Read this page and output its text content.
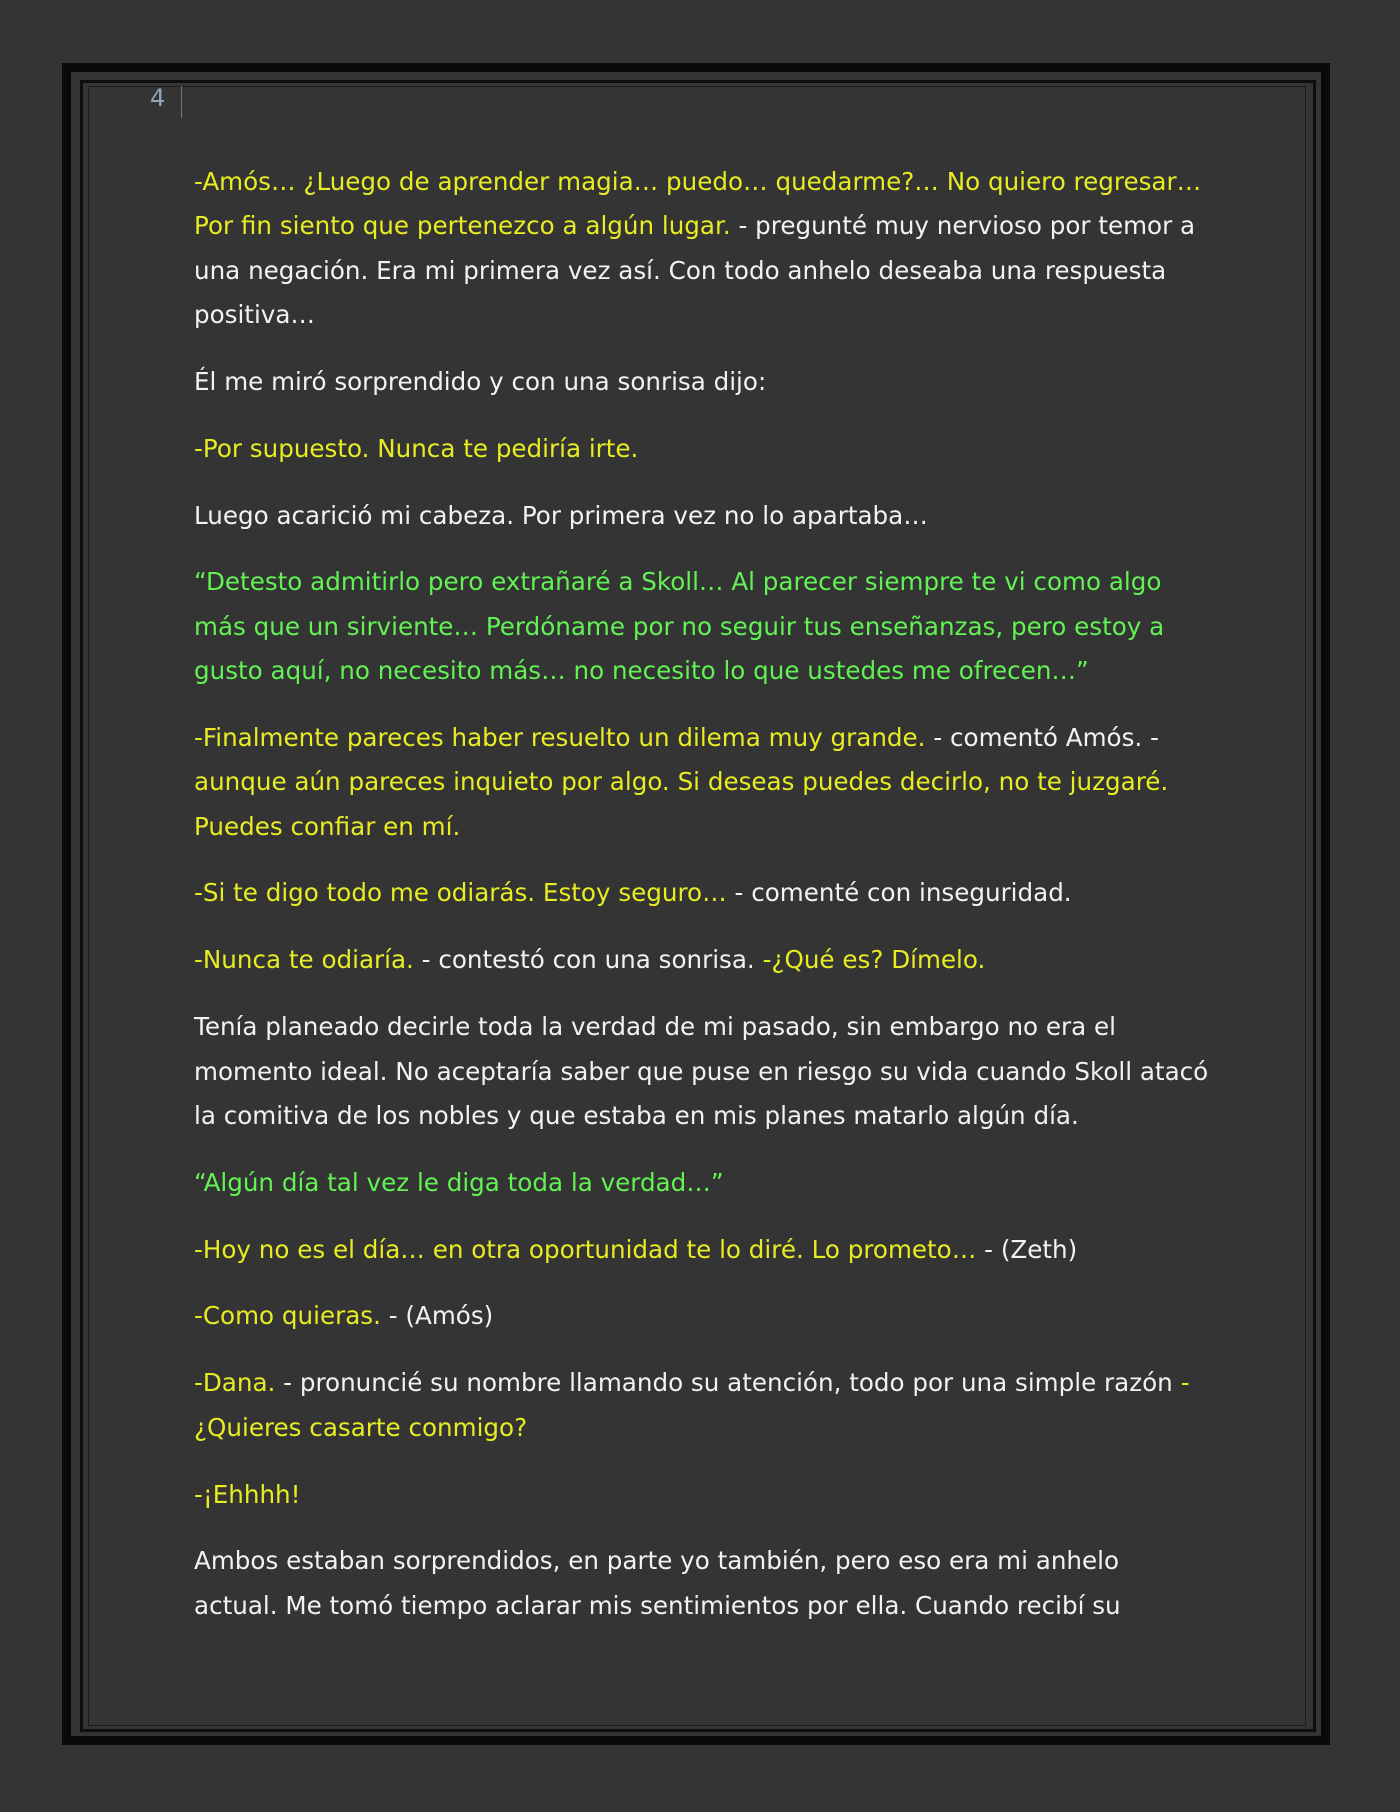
4

-Amós… ¿Luego de aprender magia… puedo… quedarme?… No quiero regresar… Por fin siento que pertenezco a algún lugar. - pregunté muy nervioso por temor a una negación. Era mi primera vez así. Con todo anhelo deseaba una respuesta positiva…

Él me miró sorprendido y con una sonrisa dijo:

-Por supuesto. Nunca te pediría irte.

Luego acarició mi cabeza. Por primera vez no lo apartaba…

“Detesto admitirlo pero extrañaré a Skoll… Al parecer siempre te vi como algo más que un sirviente… Perdóname por no seguir tus enseñanzas, pero estoy a gusto aquí, no necesito más… no necesito lo que ustedes me ofrecen…”

-Finalmente pareces haber resuelto un dilema muy grande. - comentó Amós. - aunque aún pareces inquieto por algo. Si deseas puedes decirlo, no te juzgaré. Puedes confiar en mí.

-Si te digo todo me odiarás. Estoy seguro… - comenté con inseguridad.

-Nunca te odiaría. - contestó con una sonrisa. -¿Qué es? Dímelo.

Tenía planeado decirle toda la verdad de mi pasado, sin embargo no era el momento ideal. No aceptaría saber que puse en riesgo su vida cuando Skoll atacó la comitiva de los nobles y que estaba en mis planes matarlo algún día.

“Algún día tal vez le diga toda la verdad…”

-Hoy no es el día… en otra oportunidad te lo diré. Lo prometo… - (Zeth)

-Como quieras. - (Amós)

-Dana. - pronuncié su nombre llamando su atención, todo por una simple razón - ¿Quieres casarte conmigo?

-¡Ehhhh!

Ambos estaban sorprendidos, en parte yo también, pero eso era mi anhelo actual. Me tomó tiempo aclarar mis sentimientos por ella. Cuando recibí su
